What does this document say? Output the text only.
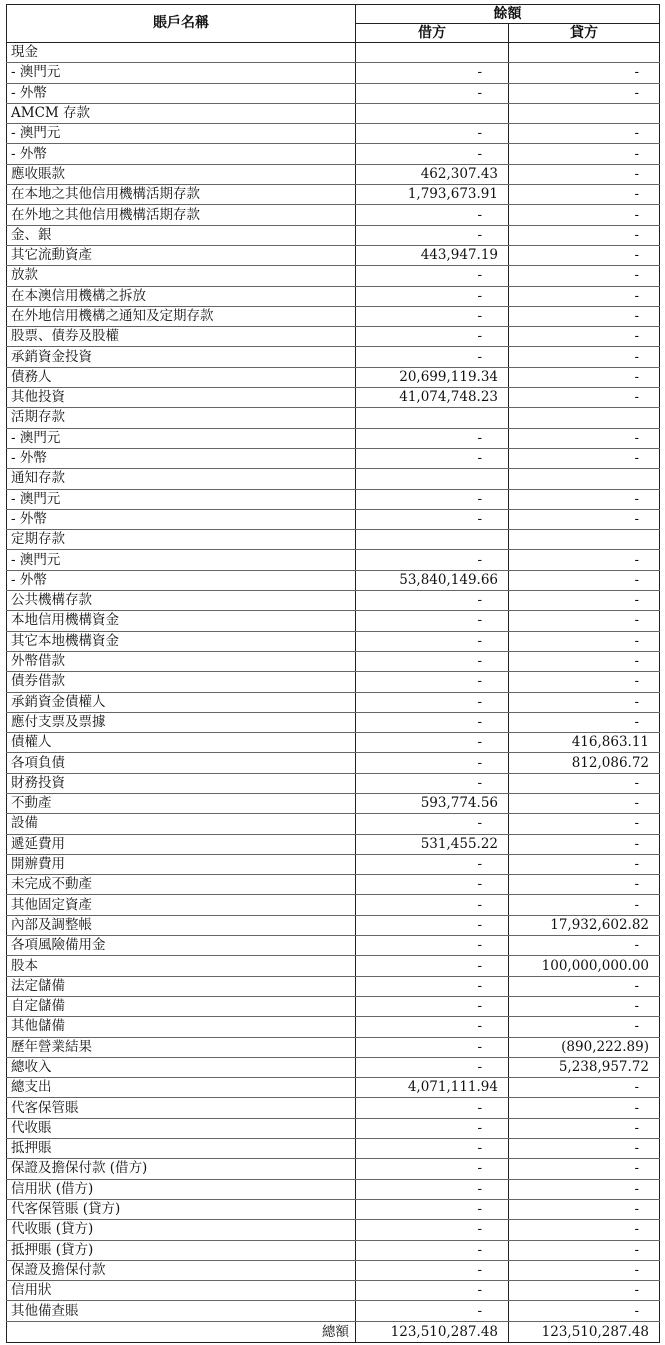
賬戶名稱	餘額	
	借方	貸方
現金		
- 澳門元	-	-
- 外幣	-	-
AMCM 存款		
- 澳門元	-	-
- 外幣	-	-
應收賬款	462,307.43	-
在本地之其他信用機構活期存款	1,793,673.91	-
在外地之其他信用機構活期存款	-	-
金、銀	-	-
其它流動資產	443,947.19	-
放款	-	-
在本澳信用機構之拆放	-	-
在外地信用機構之通知及定期存款	-	-
股票、債券及股權	-	-
承銷資金投資	-	-
債務人	20,699,119.34	-
其他投資	41,074,748.23	-
活期存款		
- 澳門元	-	-
- 外幣	-	-
通知存款		
- 澳門元	-	-
- 外幣	-	-
定期存款		
- 澳門元	-	-
- 外幣	53,840,149.66	-
公共機構存款	-	-
本地信用機構資金	-	-
其它本地機構資金	-	-
外幣借款	-	-
債券借款	-	-
承銷資金債權人	-	-
應付支票及票據	-	-
債權人	-	416,863.11
各項負債	-	812,086.72
財務投資	-	-
不動產	593,774.56	-
設備	-	-
遞延費用	531,455.22	-
開辦費用	-	-
未完成不動產	-	-
其他固定資產	-	-
內部及調整帳	-	17,932,602.82
各項風險備用金	-	-
股本	-	100,000,000.00
法定儲備	-	-
自定儲備	-	-
其他儲備	-	-
歷年營業結果	-	(890,222.89)
總收入	-	5,238,957.72
總支出	4,071,111.94	-
代客保管賬	-	-
代收賬	-	-
抵押賬	-	-
保證及擔保付款 (借方)	-	-
信用狀 (借方)	-	-
代客保管賬 (貸方)	-	-
代收賬 (貸方)	-	-
抵押賬 (貸方)	-	-
保證及擔保付款	-	-
信用狀	-	-
其他備查賬	-	-
總額	123,510,287.48	123,510,287.48
